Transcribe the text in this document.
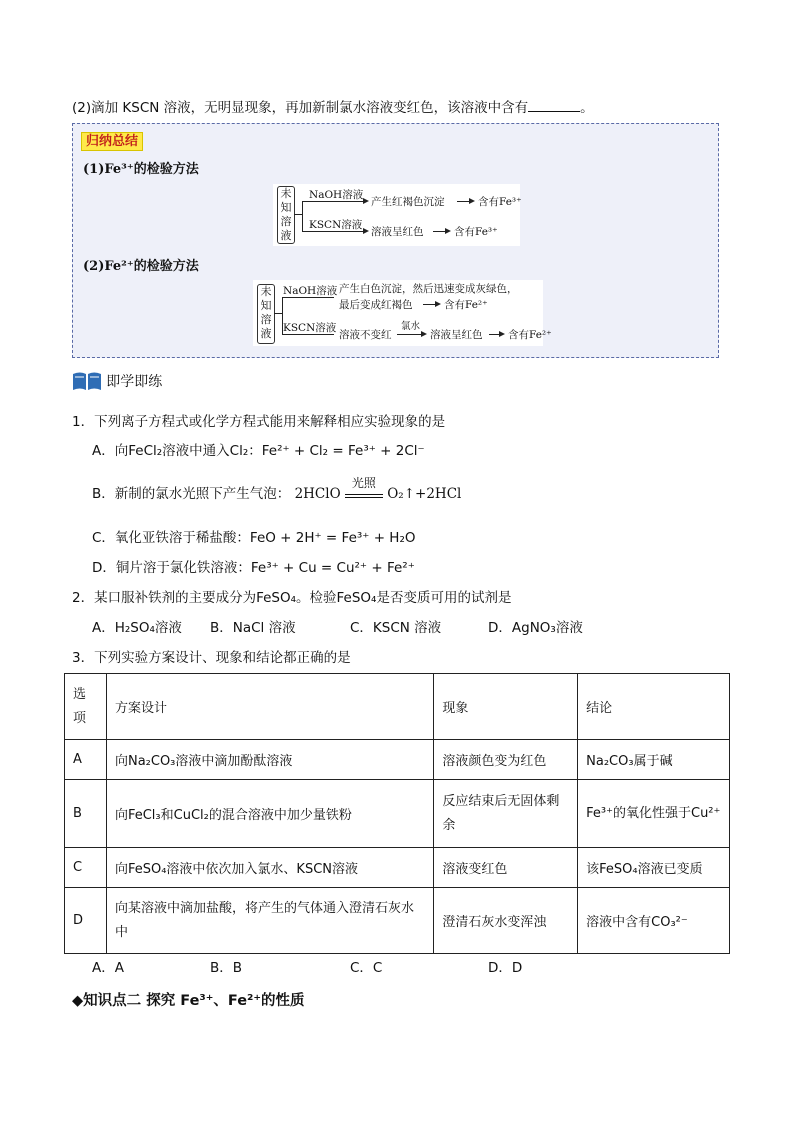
(2)滴加 KSCN 溶液，无明显现象，再加新制氯水溶液变红色，该溶液中含有	。
归纳总结
(1)Fe³⁺的检验方法
未
知
溶
液
NaOH溶液
KSCN溶液
产生红褐色沉淀	含有Fe³⁺
溶液呈红色	含有Fe³⁺
(2)Fe²⁺的检验方法
未
知
溶
液
NaOH溶液
KSCN溶液
产生白色沉淀，然后迅速变成灰绿色，
最后变成红褐色	含有Fe²⁺
溶液不变红
氯水
溶液呈红色 含有Fe²⁺
即学即练
1．下列离子方程式或化学方程式能用来解释相应实验现象的是
A．向FeCl₂溶液中通入Cl₂：Fe²⁺ + Cl₂ = Fe³⁺ + 2Cl⁻
B．新制的氯水光照下产生气泡： 2HClO
光照
O₂↑+2HCl
C．氧化亚铁溶于稀盐酸：FeO + 2H⁺ = Fe³⁺ + H₂O
D．铜片溶于氯化铁溶液：Fe³⁺ + Cu = Cu²⁺ + Fe²⁺
2．某口服补铁剂的主要成分为FeSO₄。检验FeSO₄是否变质可用的试剂是
A．H₂SO₄溶液 B．NaCl 溶液	C．KSCN 溶液	D．AgNO₃溶液
3．下列实验方案设计、现象和结论都正确的是
选项	方案设计	现象	结论
A	向Na₂CO₃溶液中滴加酚酞溶液	溶液颜色变为红色	Na₂CO₃属于碱
B	向FeCl₃和CuCl₂的混合溶液中加少量铁粉	反应结束后无固体剩余	Fe³⁺的氧化性强于Cu²⁺
C	向FeSO₄溶液中依次加入氯水、KSCN溶液	溶液变红色	该FeSO₄溶液已变质
D	向某溶液中滴加盐酸，将产生的气体通入澄清石灰水中	澄清石灰水变浑浊	溶液中含有CO₃²⁻
A．A	B．B	C．C	D．D
◆知识点二 探究 Fe³⁺、Fe²⁺的性质
